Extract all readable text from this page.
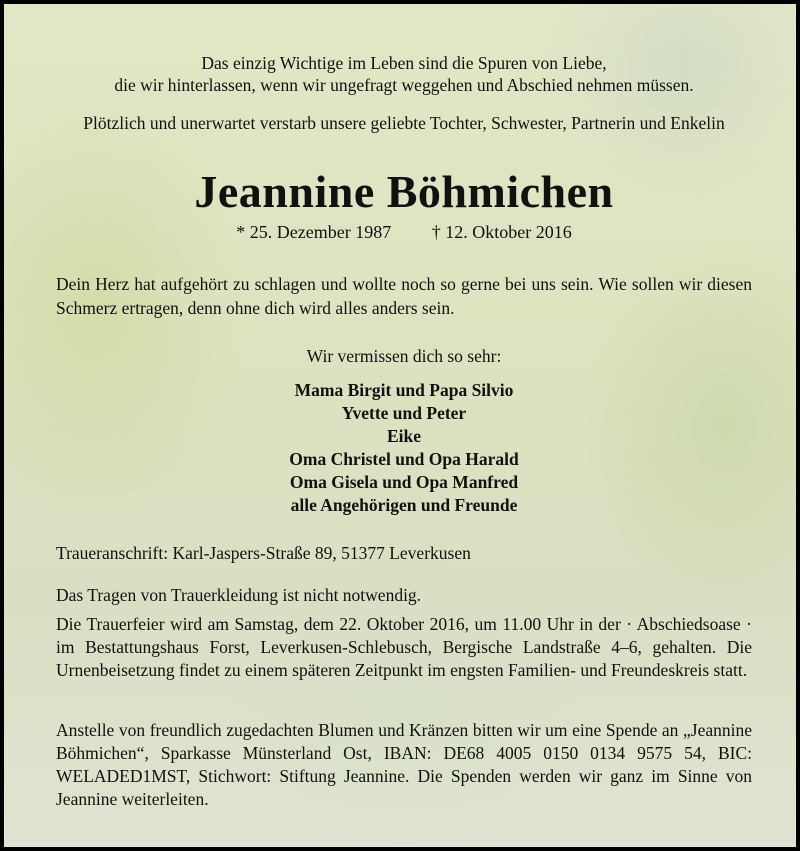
Das einzig Wichtige im Leben sind die Spuren von Liebe,
die wir hinterlassen, wenn wir ungefragt weggehen und Abschied nehmen müssen.
Plötzlich und unerwartet verstarb unsere geliebte Tochter, Schwester, Partnerin und Enkelin
Jeannine Böhmichen
* 25. Dezember 1987 † 12. Oktober 2016
Dein Herz hat aufgehört zu schlagen und wollte noch so gerne bei uns sein. Wie sollen wir diesen Schmerz ertragen, denn ohne dich wird alles anders sein.
Wir vermissen dich so sehr:
Mama Birgit und Papa Silvio
Yvette und Peter
Eike
Oma Christel und Opa Harald
Oma Gisela und Opa Manfred
alle Angehörigen und Freunde
Traueranschrift: Karl-Jaspers-Straße 89, 51377 Leverkusen
Das Tragen von Trauerkleidung ist nicht notwendig.
Die Trauerfeier wird am Samstag, dem 22. Oktober 2016, um 11.00 Uhr in der · Abschiedsoase · im Bestattungshaus Forst, Leverkusen-Schlebusch, Bergische Landstraße 4–6, gehalten. Die Urnenbeisetzung findet zu einem späteren Zeitpunkt im engsten Familien- und Freundeskreis statt.
Anstelle von freundlich zugedachten Blumen und Kränzen bitten wir um eine Spende an „Jeannine Böhmichen“, Sparkasse Münsterland Ost, IBAN: DE68 4005 0150 0134 9575 54, BIC: WELADED1MST, Stichwort: Stiftung Jeannine. Die Spenden werden wir ganz im Sinne von Jeannine weiterleiten.
